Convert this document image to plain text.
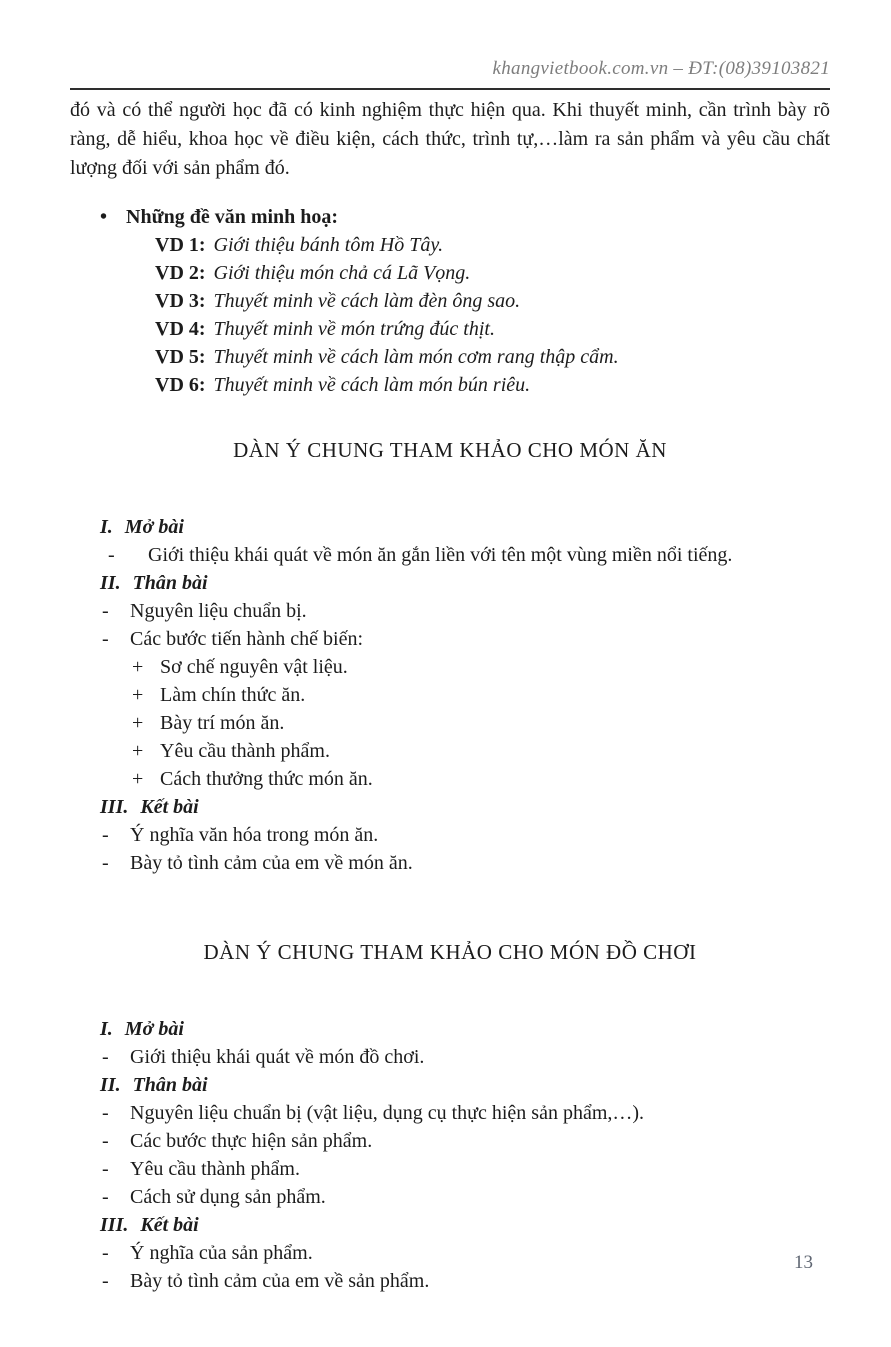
khangvietbook.com.vn – ĐT:(08)39103821

đó và có thể người học đã có kinh nghiệm thực hiện qua. Khi thuyết minh, cần trình bày rõ ràng, dễ hiểu, khoa học về điều kiện, cách thức, trình tự,…làm ra sản phẩm và yêu cầu chất lượng đối với sản phẩm đó.

• Những đề văn minh hoạ:
VD 1: Giới thiệu bánh tôm Hồ Tây.
VD 2: Giới thiệu món chả cá Lã Vọng.
VD 3: Thuyết minh về cách làm đèn ông sao.
VD 4: Thuyết minh về món trứng đúc thịt.
VD 5: Thuyết minh về cách làm món cơm rang thập cẩm.
VD 6: Thuyết minh về cách làm món bún riêu.
DÀN Ý CHUNG THAM KHẢO CHO MÓN ĂN
I. Mở bài
-	Giới thiệu khái quát về món ăn gắn liền với tên một vùng miền nổi tiếng.
II. Thân bài
-	Nguyên liệu chuẩn bị.
-	Các bước tiến hành chế biến:
+ Sơ chế nguyên vật liệu.
+ Làm chín thức ăn.
+ Bày trí món ăn.
+ Yêu cầu thành phẩm.
+ Cách thưởng thức món ăn.
III. Kết bài
-	Ý nghĩa văn hóa trong món ăn.
-	Bày tỏ tình cảm của em về món ăn.
DÀN Ý CHUNG THAM KHẢO CHO MÓN ĐỒ CHƠI
I. Mở bài
-	Giới thiệu khái quát về món đồ chơi.
II. Thân bài
-	Nguyên liệu chuẩn bị (vật liệu, dụng cụ thực hiện sản phẩm,…).
-	Các bước thực hiện sản phẩm.
-	Yêu cầu thành phẩm.
-	Cách sử dụng sản phẩm.
III. Kết bài
-	Ý nghĩa của sản phẩm.
-	Bày tỏ tình cảm của em về sản phẩm.
13
